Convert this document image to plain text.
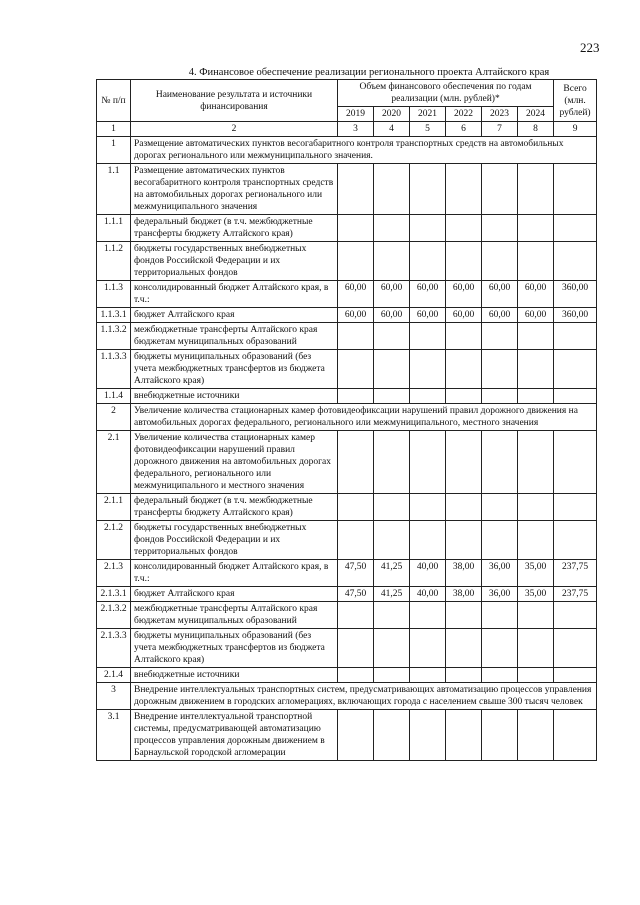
223
4. Финансовое обеспечение реализации регионального проекта Алтайского края
№ п/п	Наименование результата и источники финансирования	Объем финансового обеспечения по годам реализации (млн. рублей)*						Всего (млн. рублей)
		2019	2020	2021	2022	2023	2024	
1	2	3	4	5	6	7	8	9
1	Размещение автоматических пунктов весогабаритного контроля транспортных средств на автомобильных дорогах регионального или межмуниципального значения.							
1.1	Размещение автоматических пунктов весогабаритного контроля транспортных средств на автомобильных дорогах регионального или межмуниципального значения							
1.1.1	федеральный бюджет (в т.ч. межбюджетные трансферты бюджету Алтайского края)							
1.1.2	бюджеты государственных внебюджетных фондов Российской Федерации и их территориальных фондов							
1.1.3	консолидированный бюджет Алтайского края, в т.ч.:	60,00	60,00	60,00	60,00	60,00	60,00	360,00
1.1.3.1	бюджет Алтайского края	60,00	60,00	60,00	60,00	60,00	60,00	360,00
1.1.3.2	межбюджетные трансферты Алтайского края бюджетам муниципальных образований							
1.1.3.3	бюджеты муниципальных образований (без учета межбюджетных трансфертов из бюджета Алтайского края)							
1.1.4	внебюджетные источники							
2	Увеличение количества стационарных камер фотовидеофиксации нарушений правил дорожного движения на автомобильных дорогах федерального, регионального или межмуниципального, местного значения							
2.1	Увеличение количества стационарных камер фотовидеофиксации нарушений правил дорожного движения на автомобильных дорогах федерального, регионального или межмуниципального и местного значения							
2.1.1	федеральный бюджет (в т.ч. межбюджетные трансферты бюджету Алтайского края)							
2.1.2	бюджеты государственных внебюджетных фондов Российской Федерации и их территориальных фондов							
2.1.3	консолидированный бюджет Алтайского края, в т.ч.:	47,50	41,25	40,00	38,00	36,00	35,00	237,75
2.1.3.1	бюджет Алтайского края	47,50	41,25	40,00	38,00	36,00	35,00	237,75
2.1.3.2	межбюджетные трансферты Алтайского края бюджетам муниципальных образований							
2.1.3.3	бюджеты муниципальных образований (без учета межбюджетных трансфертов из бюджета Алтайского края)							
2.1.4	внебюджетные источники							
3	Внедрение интеллектуальных транспортных систем, предусматривающих автоматизацию процессов управления дорожным движением в городских агломерациях, включающих города с населением свыше 300 тысяч человек							
3.1	Внедрение интеллектуальной транспортной системы, предусматривающей автоматизацию процессов управления дорожным движением в Барнаульской городской агломерации							
